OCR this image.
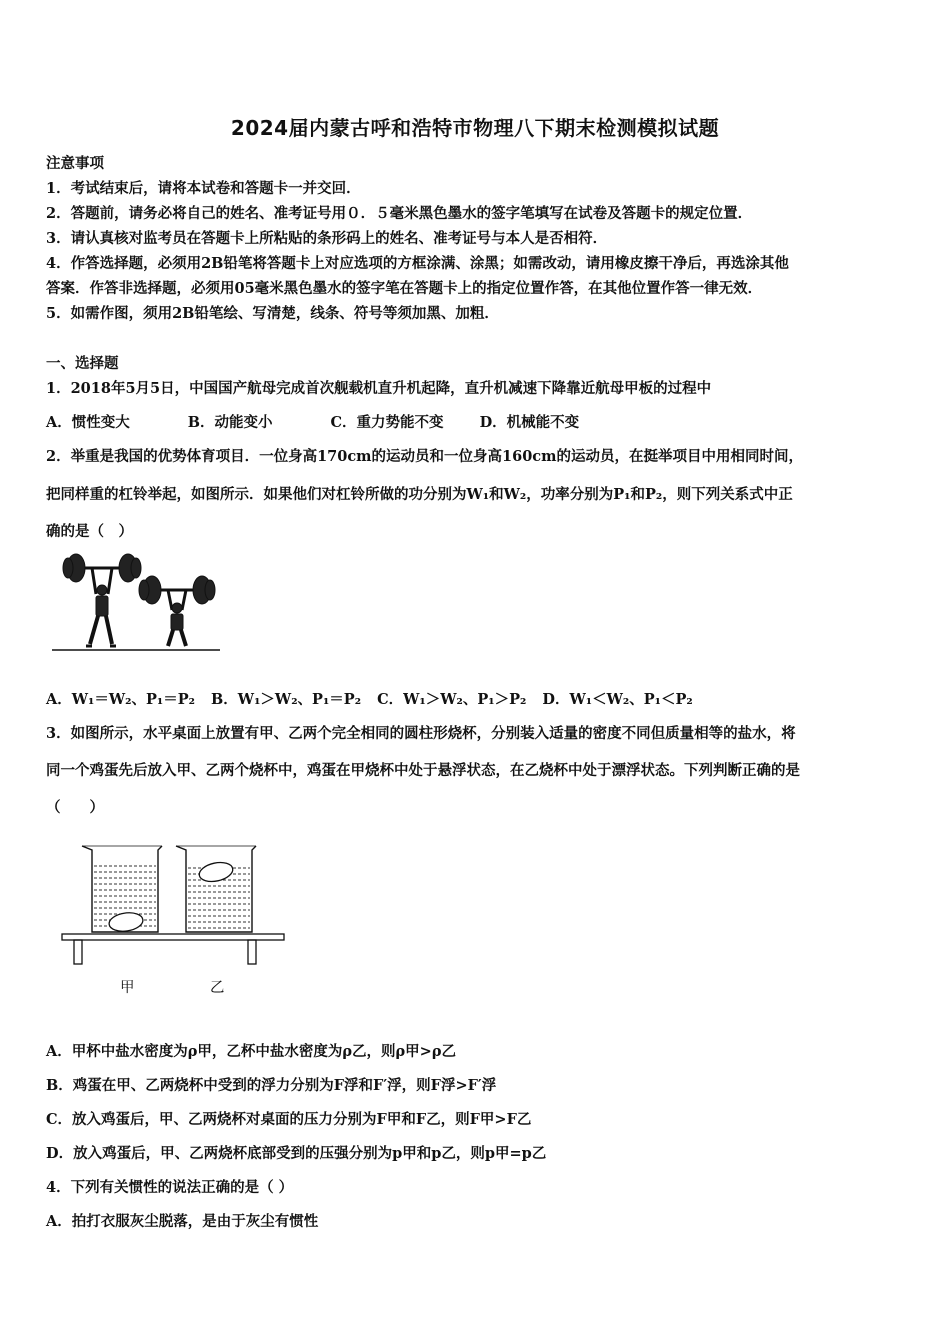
2024届内蒙古呼和浩特市物理八下期末检测模拟试题
注意事项
1．考试结束后，请将本试卷和答题卡一并交回．
2．答题前，请务必将自己的姓名、准考证号用０．５毫米黑色墨水的签字笔填写在试卷及答题卡的规定位置．
3．请认真核对监考员在答题卡上所粘贴的条形码上的姓名、准考证号与本人是否相符．
4．作答选择题，必须用2B铅笔将答题卡上对应选项的方框涂满、涂黑；如需改动，请用橡皮擦干净后，再选涂其他
答案．作答非选择题，必须用05毫米黑色墨水的签字笔在答题卡上的指定位置作答，在其他位置作答一律无效．
5．如需作图，须用2B铅笔绘、写清楚，线条、符号等须加黑、加粗．
一、选择题
1．2018年5月5日，中国国产航母完成首次舰载机直升机起降，直升机减速下降靠近航母甲板的过程中
A．惯性变大	B．动能变小	C．重力势能不变 D．机械能不变
2．举重是我国的优势体育项目．一位身高170cm的运动员和一位身高160cm的运动员，在挺举项目中用相同时间，
把同样重的杠铃举起，如图所示．如果他们对杠铃所做的功分别为W₁和W₂，功率分别为P₁和P₂，则下列关系式中正
确的是（　）
A．W₁＝W₂、P₁＝P₂ B．W₁＞W₂、P₁＝P₂ C．W₁＞W₂、P₁＞P₂ D．W₁＜W₂、P₁＜P₂
3．如图所示，水平桌面上放置有甲、乙两个完全相同的圆柱形烧杯，分别装入适量的密度不同但质量相等的盐水，将
同一个鸡蛋先后放入甲、乙两个烧杯中，鸡蛋在甲烧杯中处于悬浮状态，在乙烧杯中处于漂浮状态。下列判断正确的是
（　　）
甲	乙
A．甲杯中盐水密度为ρ甲，乙杯中盐水密度为ρ乙，则ρ甲>ρ乙
B．鸡蛋在甲、乙两烧杯中受到的浮力分别为F浮和F′浮，则F浮>F′浮
C．放入鸡蛋后，甲、乙两烧杯对桌面的压力分别为F甲和F乙，则F甲>F乙
D．放入鸡蛋后，甲、乙两烧杯底部受到的压强分别为p甲和p乙，则p甲=p乙
4．下列有关惯性的说法正确的是（ ）
A．拍打衣服灰尘脱落，是由于灰尘有惯性
